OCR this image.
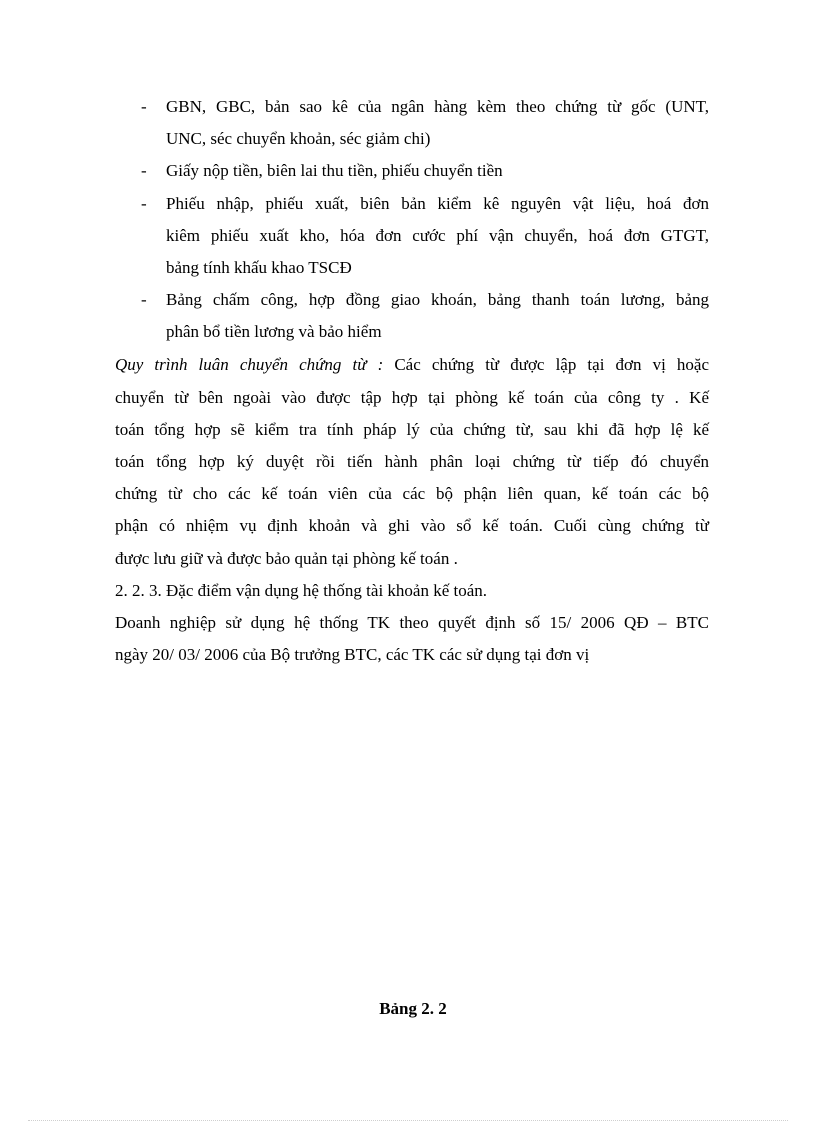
- GBN, GBC, bản sao kê của ngân hàng kèm theo chứng từ gốc (UNT,
UNC, séc chuyển khoản, séc giảm chi)
- Giấy nộp tiền, biên lai thu tiền, phiếu chuyển tiền
- Phiếu nhập, phiếu xuất, biên bản kiểm kê nguyên vật liệu, hoá đơn
kiêm phiếu xuất kho, hóa đơn cước phí vận chuyển, hoá đơn GTGT,
bảng tính khấu khao TSCĐ
- Bảng chấm công, hợp đồng giao khoán, bảng thanh toán lương, bảng
phân bổ tiền lương và bảo hiểm
Quy trình luân chuyển chứng từ : Các chứng từ được lập tại đơn vị hoặc
chuyển từ bên ngoài vào được tập hợp tại phòng kế toán của công ty . Kế
toán tổng hợp sẽ kiểm tra tính pháp lý của chứng từ, sau khi đã hợp lệ kế
toán tổng hợp ký duyệt rồi tiến hành phân loại chứng từ tiếp đó chuyển
chứng từ cho các kế toán viên của các bộ phận liên quan, kế toán các bộ
phận có nhiệm vụ định khoản và ghi vào sổ kế toán. Cuối cùng chứng từ
được lưu giữ và được bảo quản tại phòng kế toán .
2. 2. 3. Đặc điểm vận dụng hệ thống tài khoản kế toán.
Doanh nghiệp sử dụng hệ thống TK theo quyết định số 15/ 2006 QĐ – BTC
ngày 20/ 03/ 2006 của Bộ trưởng BTC, các TK các sử dụng tại đơn vị
Bảng 2. 2
